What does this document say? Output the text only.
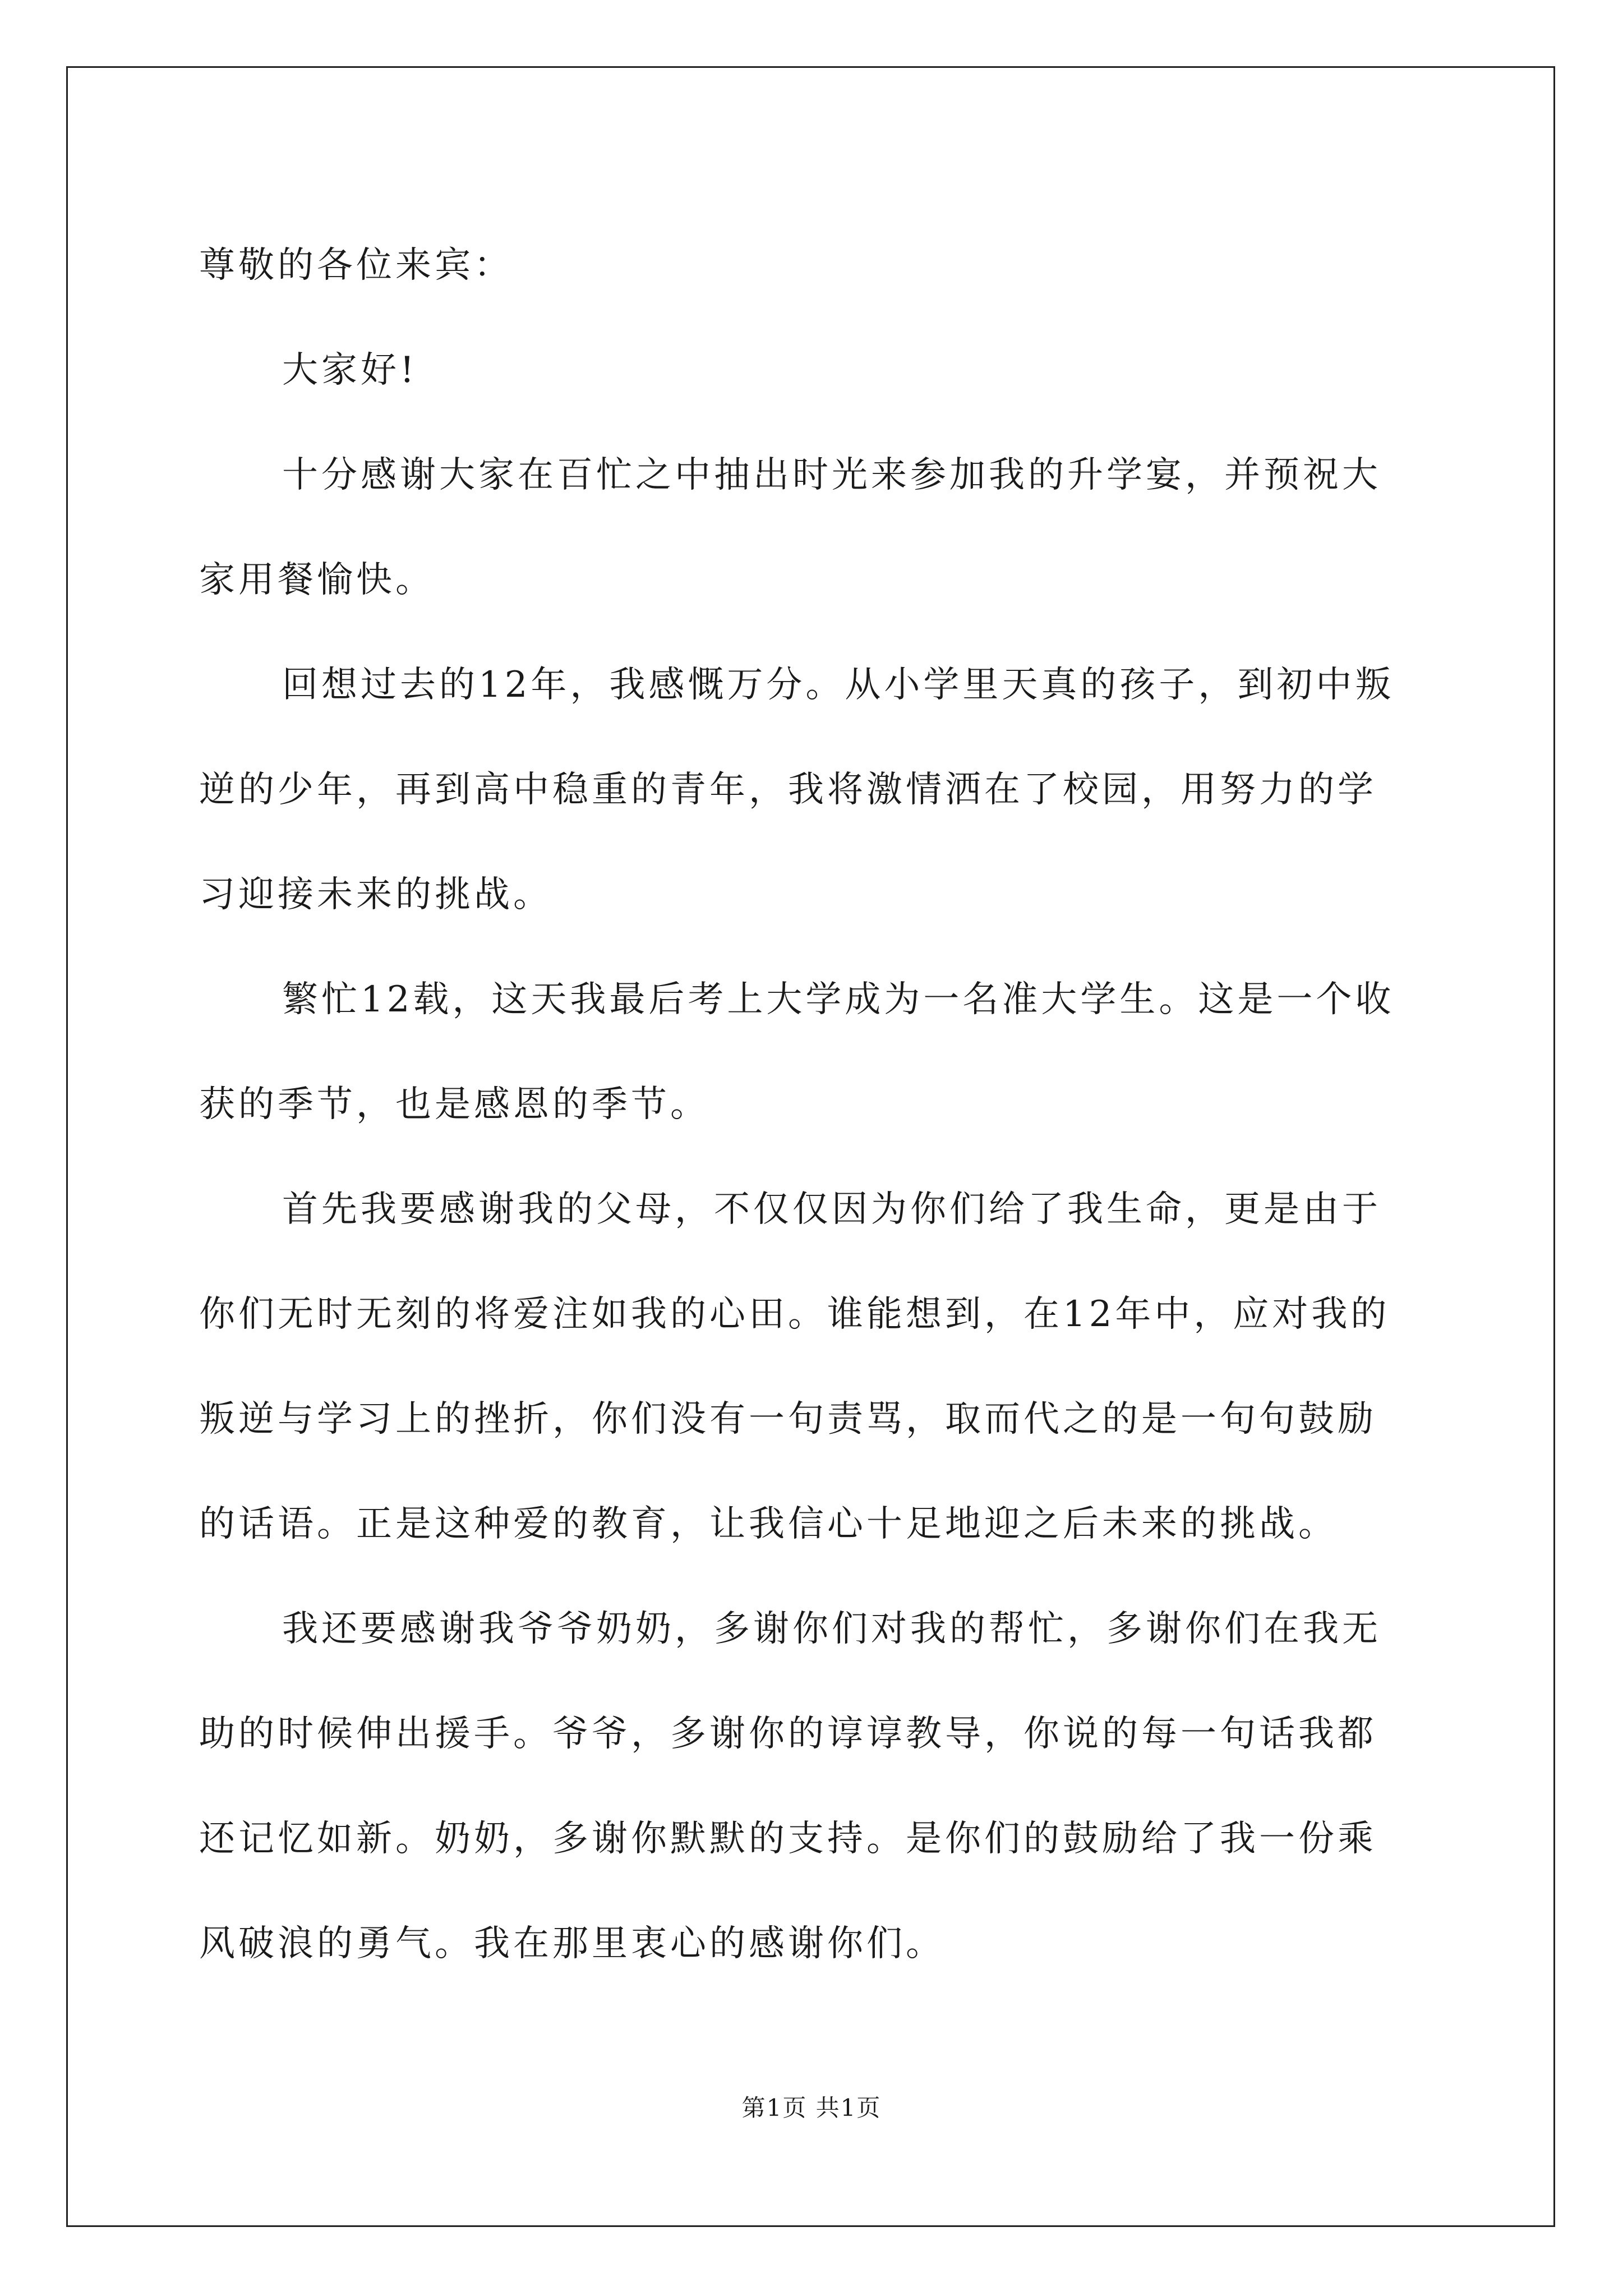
尊敬的各位来宾：

大家好!

十分感谢大家在百忙之中抽出时光来参加我的升学宴，并预祝大

家用餐愉快。

回想过去的12年，我感慨万分。从小学里天真的孩子，到初中叛

逆的少年，再到高中稳重的青年，我将激情洒在了校园，用努力的学

习迎接未来的挑战。

繁忙12载，这天我最后考上大学成为一名准大学生。这是一个收

获的季节，也是感恩的季节。

首先我要感谢我的父母，不仅仅因为你们给了我生命，更是由于

你们无时无刻的将爱注如我的心田。谁能想到，在12年中，应对我的

叛逆与学习上的挫折，你们没有一句责骂，取而代之的是一句句鼓励

的话语。正是这种爱的教育，让我信心十足地迎之后未来的挑战。

我还要感谢我爷爷奶奶，多谢你们对我的帮忙，多谢你们在我无

助的时候伸出援手。爷爷，多谢你的谆谆教导，你说的每一句话我都

还记忆如新。奶奶，多谢你默默的支持。是你们的鼓励给了我一份乘

风破浪的勇气。我在那里衷心的感谢你们。

第1页 共1页
